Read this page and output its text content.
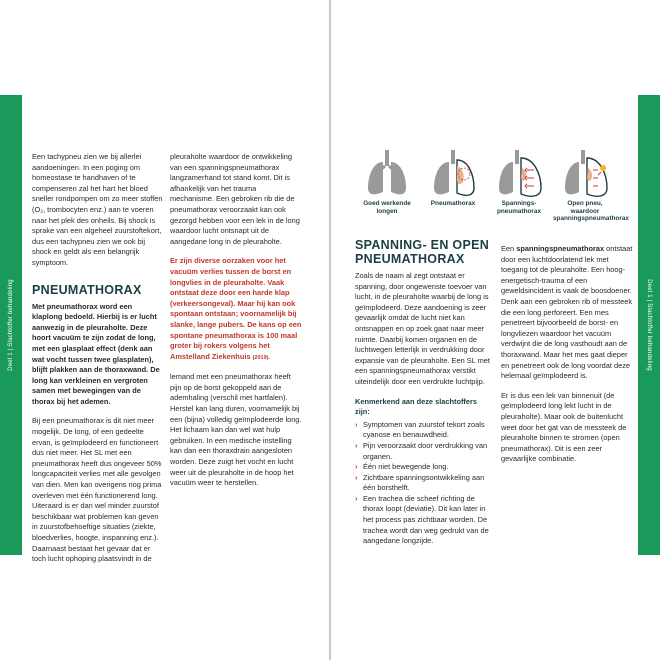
Deel 1 | Slachtoffer behandeling
72

Een tachypneu zien we bij allerlei aandoeningen. In een poging om homeostase te handhaven of te compenseren zal het hart het bloed sneller rondpompen om zo meer stoffen (O₂, trombocyten enz.) aan te voeren naar het plek des onheils. Bij shock is sprake van een algeheel zuurstoftekort, dus een tachypneu zien we ook bij shock en geldt als een belangrijk symptoom.

PNEUMATHORAX

Met pneumathorax word een klaplong bedoeld. Hierbij is er lucht aanwezig in de pleuraholte. Deze hoort vacuüm te zijn zodat de long, met een glasplaat effect (denk aan wat vocht tussen twee glasplaten), blijft plakken aan de thoraxwand. De long kan verkleinen en vergroten samen met bewegingen van de thorax bij het ademen.

Bij een pneumathorax is dit niet meer mogelijk. De long, of een gedeelte ervan, is geïmplodeerd en functioneert dus niet meer. Het SL met een pneumathorax heeft dus ongeveer 50% longcapaciteit verlies met alle gevolgen van dien. Men kan overigens nog prima overleven met één functionerend long. Uiteraard is er dan wel minder zuurstof beschikbaar wat problemen kan geven in zuurstofbehoeftige situaties (ziekte, bloedverlies, hoogte, inspanning enz.). Daarnaast bestaat het gevaar dat er toch lucht ophoping plaatsvindt in de

pleuraholte waardoor de ontwikkeling van een spanningspneumathorax langzamerhand tot stand komt. Dit is afhankelijk van het trauma mechanisme. Een gebroken rib die de pneumathorax veroorzaakt kan ook gezorgd hebben voor een lek in de long waardoor lucht ontsnapt uit de aangedane long in de pleuraholte.

Er zijn diverse oorzaken voor het vacuüm verlies tussen de borst en longvlies in de pleuraholte. Vaak ontstaat deze door een harde klap (verkeersongeval). Maar hij kan ook spontaan ontstaan; voornamelijk bij slanke, lange pubers. De kans op een spontane pneumathorax is 100 maal groter bij rokers volgens het Amstelland Ziekenhuis (2019).

lemand met een pneumathorax heeft pijn op de borst gekoppeld aan de ademhaling (verschil met hartfalen). Herstel kan lang duren, voornamelijk bij een (bijna) volledig geïmplodeerde long. Het lichaam kan dan wel wat hulp gebruiken. In een medische instelling kan dan een thoraxdrain aangesloten worden. Deze zuigt het vocht en lucht weer uit de pleuraholte in de hoop het vacuüm weer te herstellen.

Deel 1 | Slachtoffer behandeling
73
Goed werkende longen
Pneumathorax	Spannings-pneumathorax
Open pneu, waardoor spanningspneumathorax
SPANNING- EN OPEN PNEUMATHORAX

Zoals de naam al zegt ontstaat er spanning, door ongewenste toevoer van lucht, in de pleuraholte waarbij de long is geïmplodeerd. Deze aandoening is zeer gevaarlijk omdat de lucht niet kan ontsnappen en op zoek gaat naar meer ruimte. Daarbij komen organen en de luchtwegen letterlijk in verdrukking door expansie van de pleuraholte. Een SL met een spanningspneumathorax verstikt uiteindelijk door een verdrukte luchtpijp.

Kenmerkend aan deze slachtoffers zijn:
› Symptomen van zuurstof tekort zoals cyanose en benauwdheid.
› Pijn veroorzaakt door verdrukking van organen.
› Één niet bewegende long.
› Zichtbare spanningsontwikkeling aan één borsthelft.
› Een trachea die scheef richting de thorax loopt (deviatie). Dit kan later in het process pas zichtbaar worden. De trachea wordt dan weg gedrukt van de aangedane longzijde.

Een spanningspneumathorax ontstaat door een luchtdoorlatend lek met toegang tot de pleuraholte. Een hoog-energetisch-trauma of een geweldsincident is vaak de boosdoener. Denk aan een gebroken rib of messteek die een long perforeert. Een mes penetreert bijvoorbeeld de borst- en longvliezen waardoor het vacuüm verdwijnt die de long vasthoudt aan de thoraxwand. Maar het mes gaat dieper en penetreert ook de long voordat deze helemaal geïmplodeerd is.

Er is dus een lek van binnenuit (de geïmplodeerd long lekt lucht in de pleuraholte). Maar ook de buitenlucht weet door het gat van de messteek de pleuraholte binnen te stromen (open pneumathorax). Dit is een zeer gevaarlijke combinatie.
